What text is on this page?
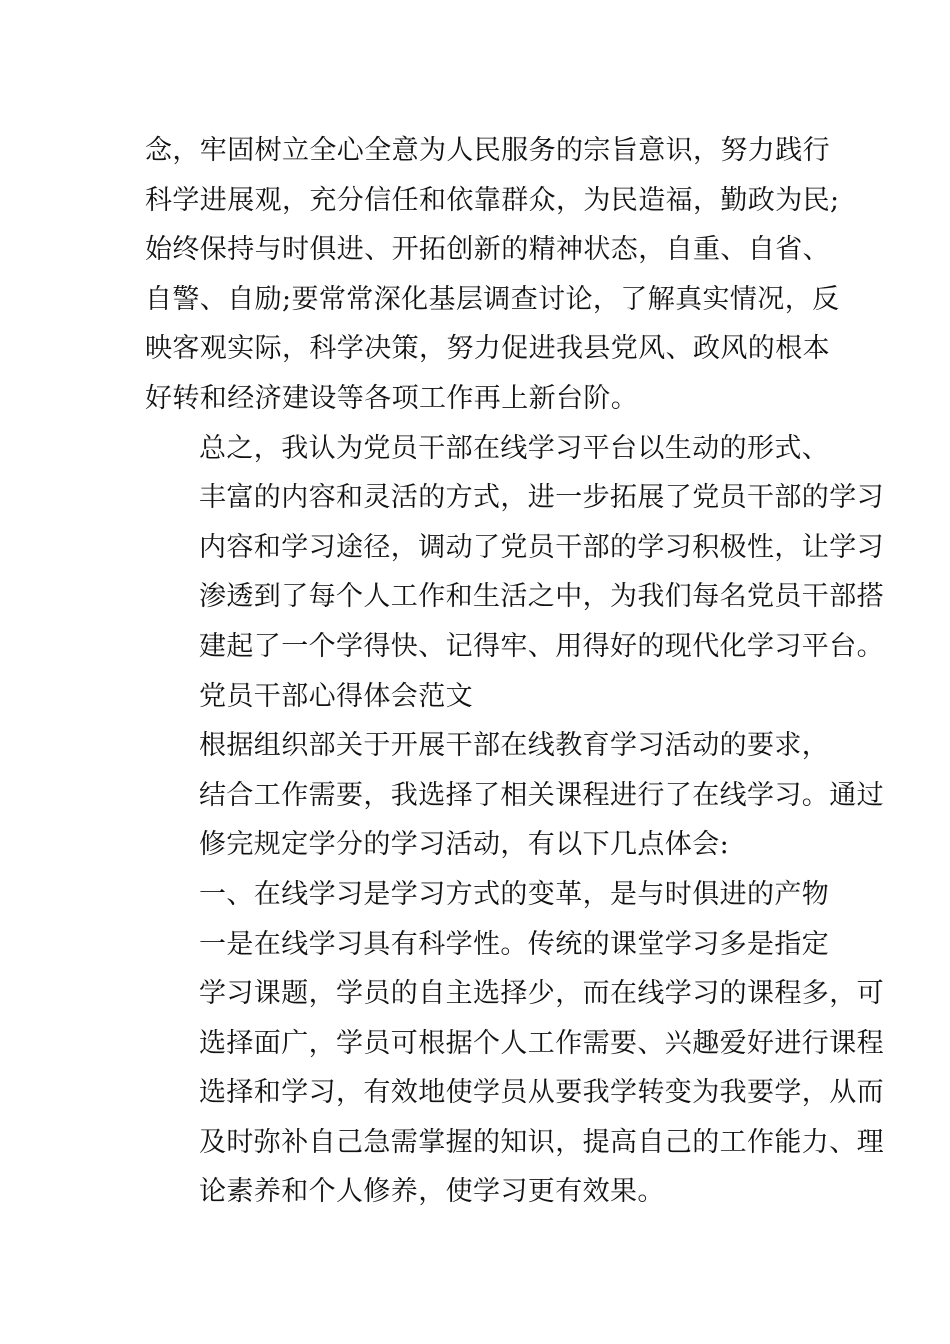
念，牢固树立全心全意为人民服务的宗旨意识，努力践行
科学进展观，充分信任和依靠群众，为民造福，勤政为民;
始终保持与时俱进、开拓创新的精神状态，自重、自省、
自警、自励;要常常深化基层调查讨论，了解真实情况，反
映客观实际，科学决策，努力促进我县党风、政风的根本
好转和经济建设等各项工作再上新台阶。

总之，我认为党员干部在线学习平台以生动的形式、
丰富的内容和灵活的方式，进一步拓展了党员干部的学习
内容和学习途径，调动了党员干部的学习积极性，让学习
渗透到了每个人工作和生活之中，为我们每名党员干部搭
建起了一个学得快、记得牢、用得好的现代化学习平台。

党员干部心得体会范文

根据组织部关于开展干部在线教育学习活动的要求，
结合工作需要，我选择了相关课程进行了在线学习。通过
修完规定学分的学习活动，有以下几点体会:

一、在线学习是学习方式的变革，是与时俱进的产物

一是在线学习具有科学性。传统的课堂学习多是指定
学习课题，学员的自主选择少，而在线学习的课程多，可
选择面广，学员可根据个人工作需要、兴趣爱好进行课程
选择和学习，有效地使学员从要我学转变为我要学，从而
及时弥补自己急需掌握的知识，提高自己的工作能力、理
论素养和个人修养，使学习更有效果。
